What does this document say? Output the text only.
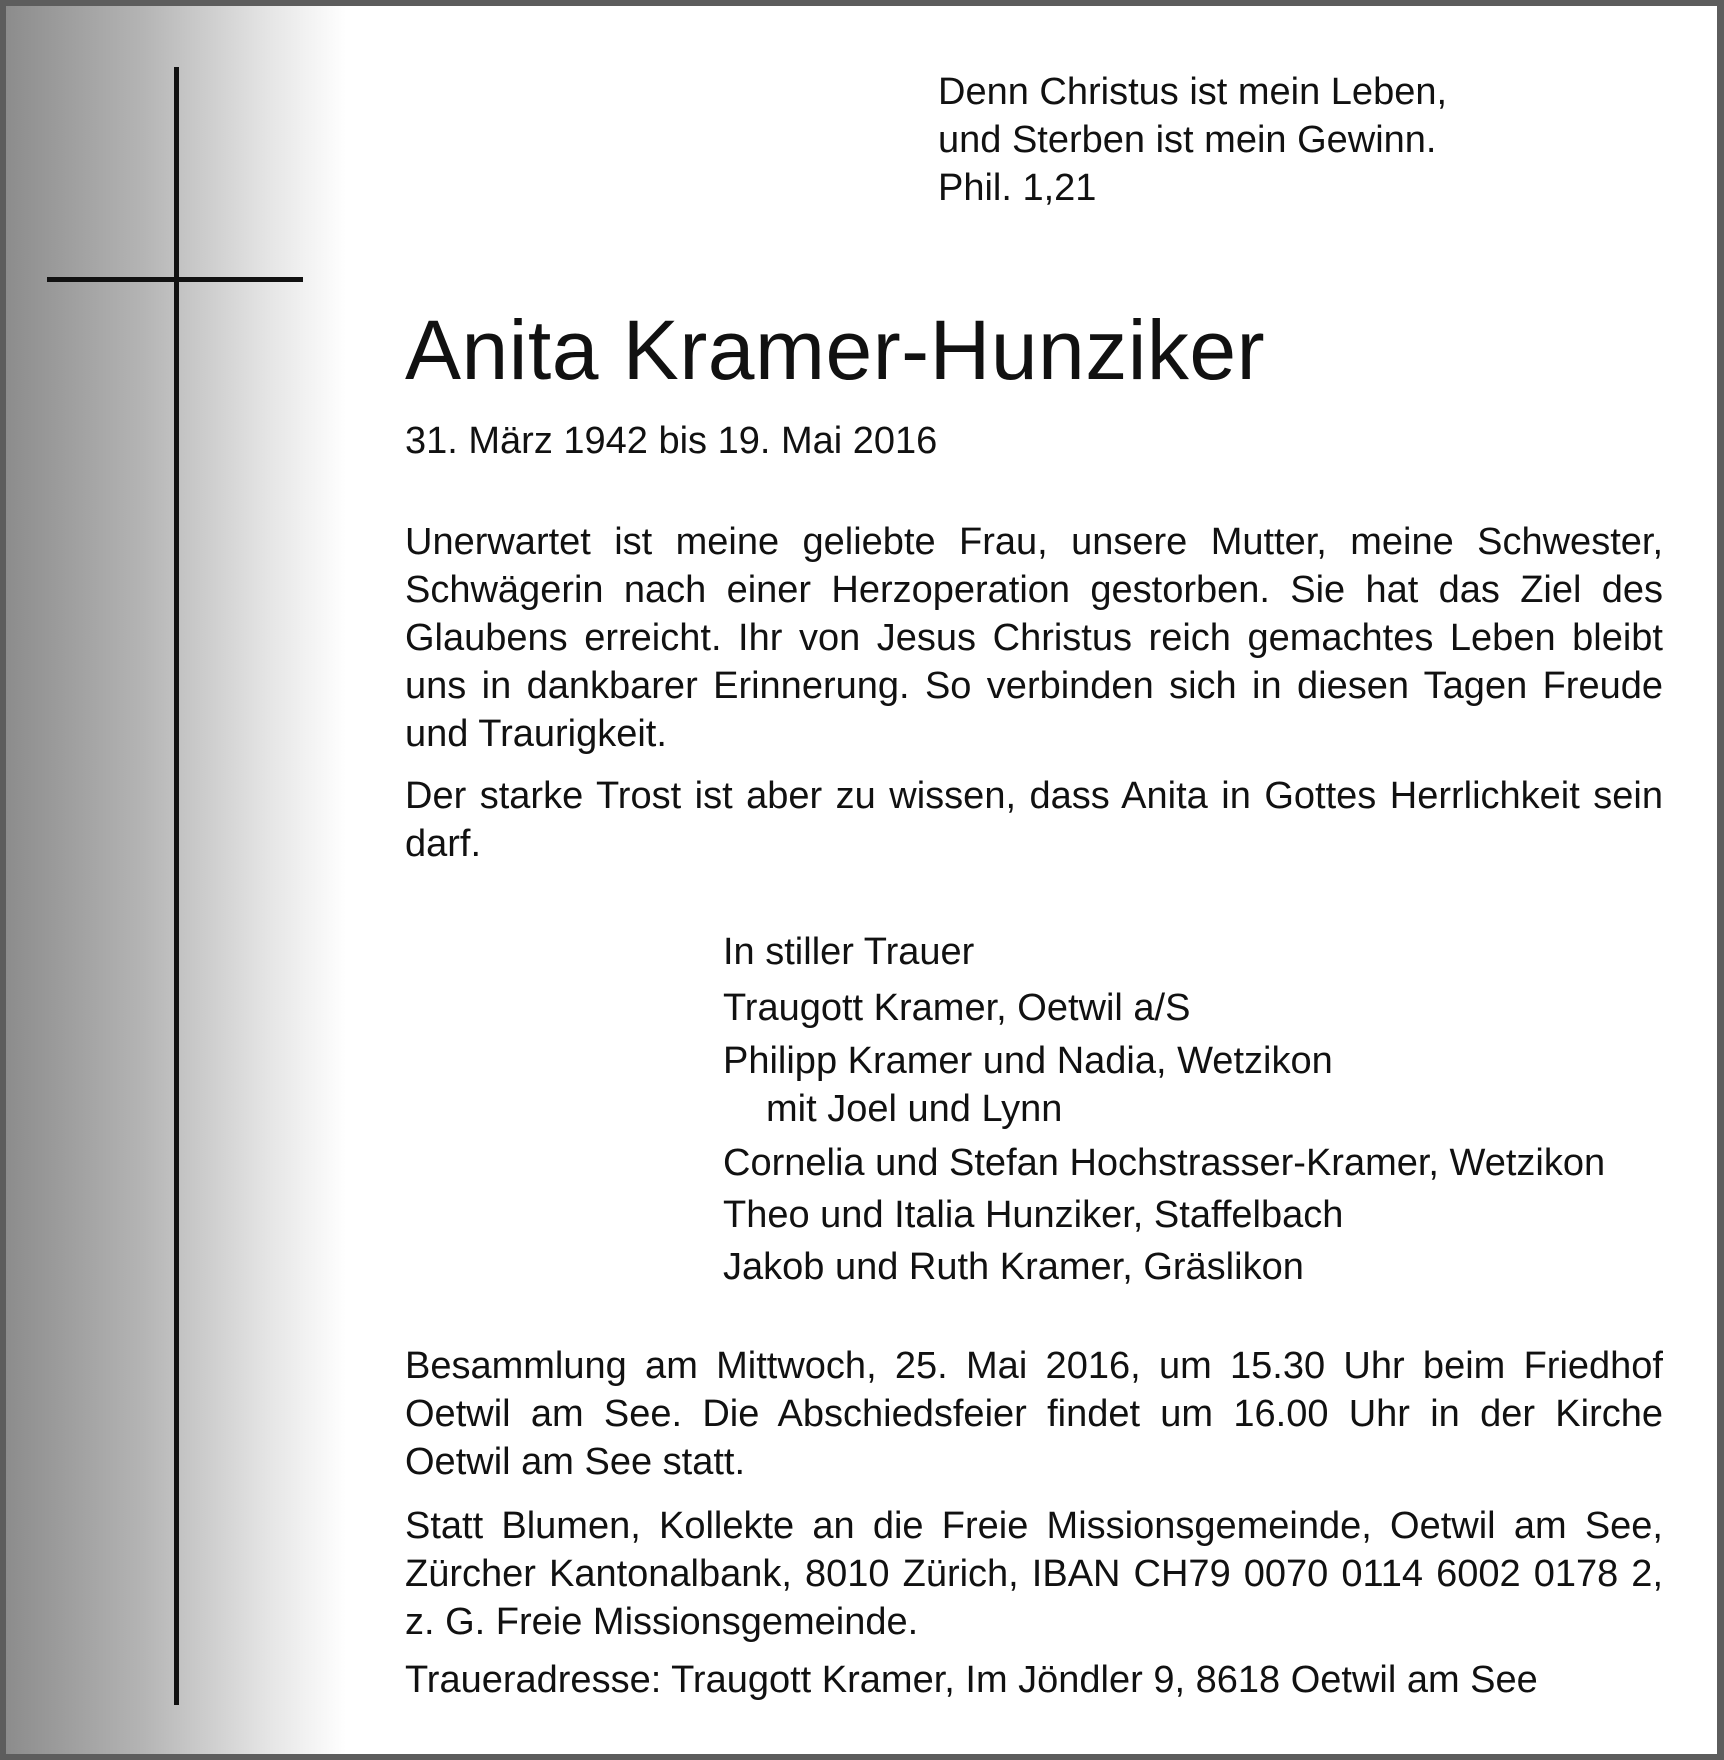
Denn Christus ist mein Leben,
und Sterben ist mein Gewinn.
Phil. 1,21
Anita Kramer-Hunziker
31. März 1942 bis 19. Mai 2016
Unerwartet ist meine geliebte Frau, unsere Mutter, meine Schwester, Schwägerin nach einer Herzoperation gestorben. Sie hat das Ziel des Glaubens erreicht. Ihr von Jesus Christus reich gemachtes Leben bleibt uns in dankbarer Erinnerung. So verbinden sich in diesen Tagen Freude und Traurigkeit.
Der starke Trost ist aber zu wissen, dass Anita in Gottes Herrlichkeit sein darf.
In stiller Trauer
Traugott Kramer, Oetwil a/S
Philipp Kramer und Nadia, Wetzikon
mit Joel und Lynn
Cornelia und Stefan Hochstrasser-Kramer, Wetzikon
Theo und Italia Hunziker, Staffelbach
Jakob und Ruth Kramer, Gräslikon
Besammlung am Mittwoch, 25. Mai 2016, um 15.30 Uhr beim Friedhof Oetwil am See. Die Abschiedsfeier findet um 16.00 Uhr in der Kirche Oetwil am See statt.
Statt Blumen, Kollekte an die Freie Missionsgemeinde, Oetwil am See, Zürcher Kantonalbank, 8010 Zürich, IBAN CH79 0070 0114 6002 0178 2, z. G. Freie Missionsgemeinde.
Traueradresse: Traugott Kramer, Im Jöndler 9, 8618 Oetwil am See
